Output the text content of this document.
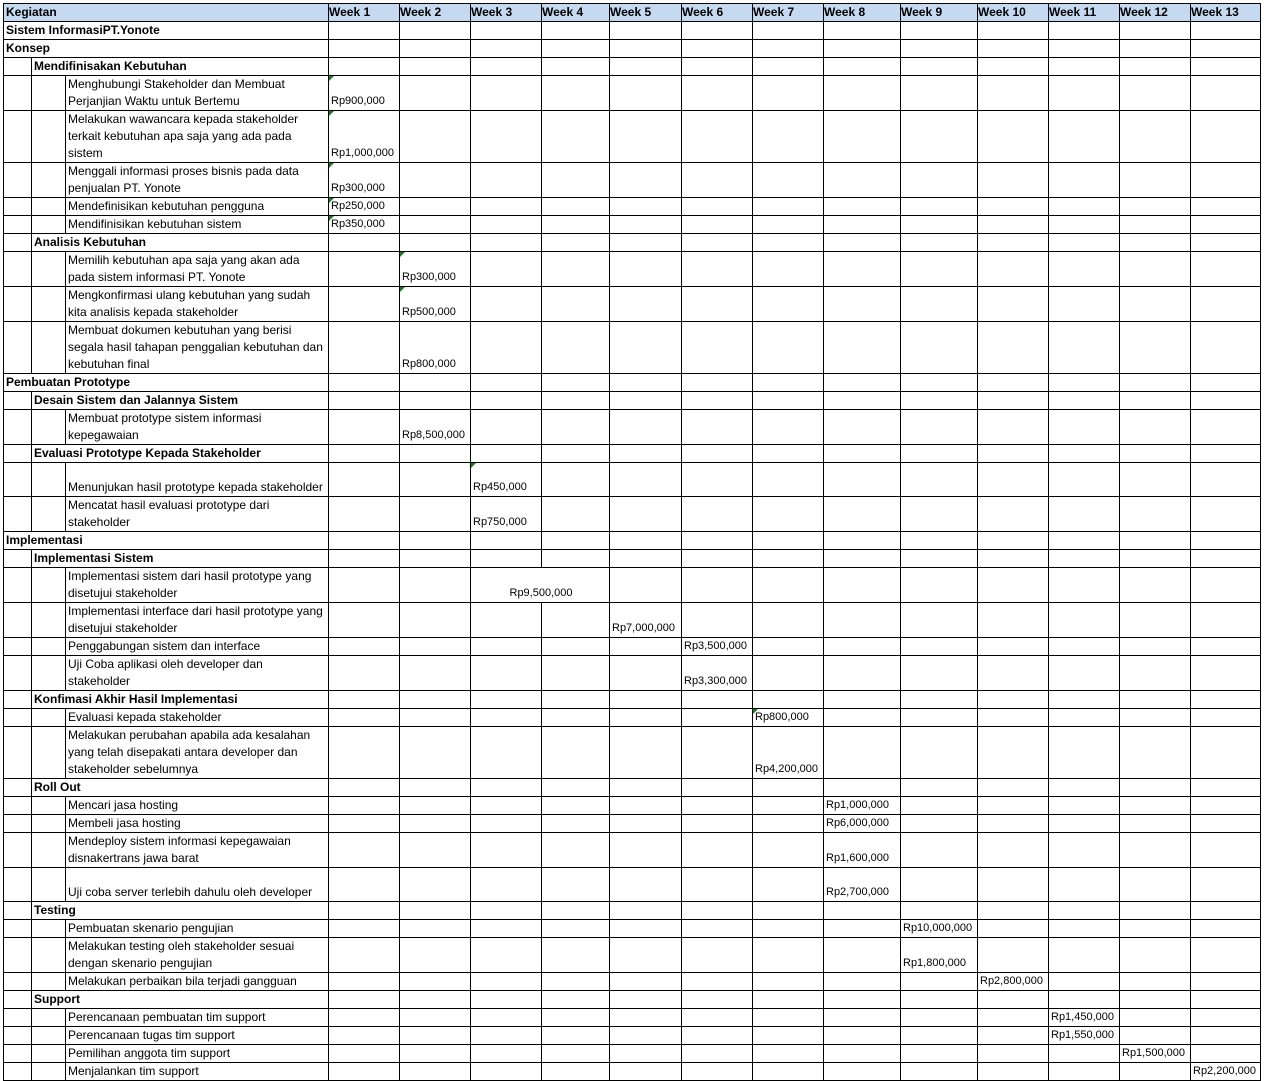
Kegiatan			Week 1	Week 2	Week 3	Week 4	Week 5	Week 6	Week 7	Week 8	Week 9	Week 10	Week 11	Week 12	Week 13
Sistem InformasiPT.Yonote															
Konsep															
	Mendifinisakan Kebutuhan														
		Menghubungi Stakeholder dan Membuat Perjanjian Waktu untuk Bertemu	Rp900,000												
		Melakukan wawancara kepada stakeholder terkait kebutuhan apa saja yang ada pada sistem	Rp1,000,000												
		Menggali informasi proses bisnis pada data penjualan PT. Yonote	Rp300,000												
		Mendefinisikan kebutuhan pengguna	Rp250,000												
		Mendifinisikan kebutuhan sistem	Rp350,000												
	Analisis Kebutuhan														
		Memilih kebutuhan apa saja yang akan ada pada sistem informasi PT. Yonote		Rp300,000											
		Mengkonfirmasi ulang kebutuhan yang sudah kita analisis kepada stakeholder		Rp500,000											
		Membuat dokumen kebutuhan yang berisi segala hasil tahapan penggalian kebutuhan dan kebutuhan final		Rp800,000											
Pembuatan Prototype															
	Desain Sistem dan Jalannya Sistem														
		Membuat prototype sistem informasi kepegawaian		Rp8,500,000											
	Evaluasi Prototype Kepada Stakeholder														
		Menunjukan hasil prototype kepada stakeholder			Rp450,000										
		Mencatat hasil evaluasi prototype dari stakeholder			Rp750,000										
Implementasi															
	Implementasi Sistem														
		Implementasi sistem dari hasil prototype yang disetujui stakeholder			Rp9,500,000										
		Implementasi interface dari hasil prototype yang disetujui stakeholder					Rp7,000,000								
		Penggabungan sistem dan interface						Rp3,500,000							
		Uji Coba aplikasi oleh developer dan stakeholder						Rp3,300,000							
	Konfimasi Akhir Hasil Implementasi														
		Evaluasi kepada stakeholder							Rp800,000						
		Melakukan perubahan apabila ada kesalahan yang telah disepakati antara developer dan stakeholder sebelumnya							Rp4,200,000						
	Roll Out														
		Mencari jasa hosting								Rp1,000,000					
		Membeli jasa hosting								Rp6,000,000					
		Mendeploy sistem informasi kepegawaian disnakertrans jawa barat								Rp1,600,000					
		Uji coba server terlebih dahulu oleh developer								Rp2,700,000					
	Testing														
		Pembuatan skenario pengujian									Rp10,000,000				
		Melakukan testing oleh stakeholder sesuai dengan skenario pengujian									Rp1,800,000				
		Melakukan perbaikan bila terjadi gangguan										Rp2,800,000			
	Support														
		Perencanaan pembuatan tim support											Rp1,450,000		
		Perencanaan tugas tim support											Rp1,550,000		
		Pemilihan anggota tim support												Rp1,500,000	
		Menjalankan tim support													Rp2,200,000
